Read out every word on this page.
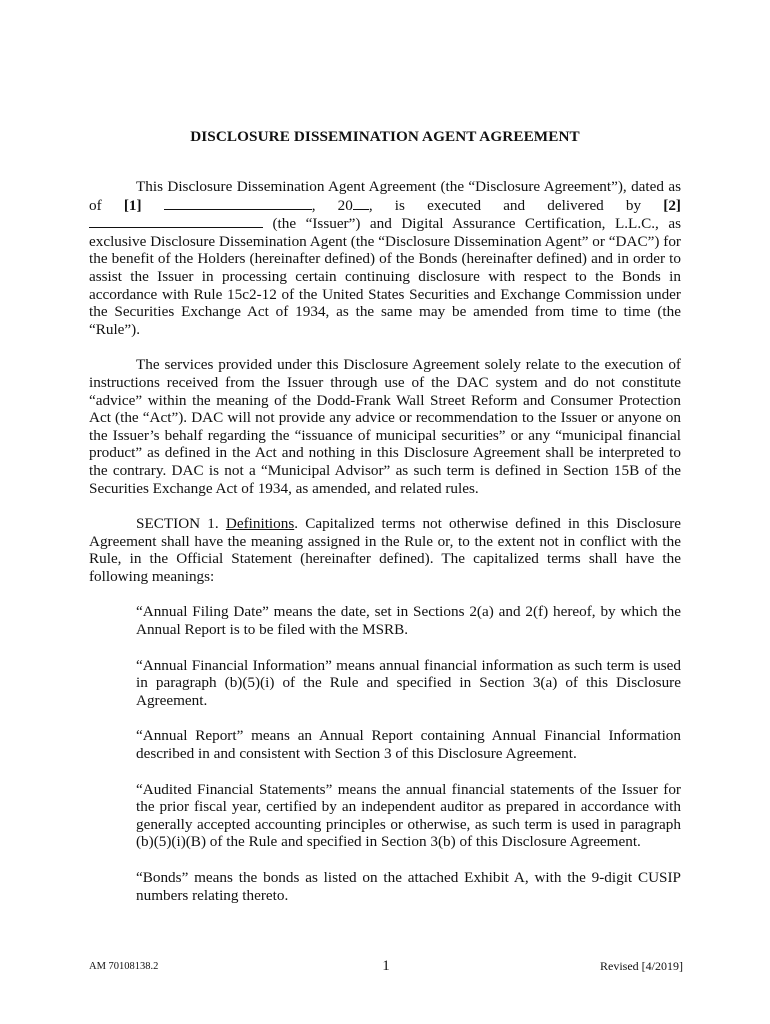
DISCLOSURE DISSEMINATION AGENT AGREEMENT

This Disclosure Dissemination Agent Agreement (the “Disclosure Agreement”), dated as of [1]	, 20 , is executed and delivered by [2]  (the “Issuer”) and Digital Assurance Certification, L.L.C., as exclusive Disclosure Dissemination Agent (the “Disclosure Dissemination Agent” or “DAC”) for the benefit of the Holders (hereinafter defined) of the Bonds (hereinafter defined) and in order to assist the Issuer in processing certain continuing disclosure with respect to the Bonds in accordance with Rule 15c2-12 of the United States Securities and Exchange Commission under the Securities Exchange Act of 1934, as the same may be amended from time to time (the “Rule”).

The services provided under this Disclosure Agreement solely relate to the execution of instructions received from the Issuer through use of the DAC system and do not constitute “advice” within the meaning of the Dodd-Frank Wall Street Reform and Consumer Protection Act (the “Act”). DAC will not provide any advice or recommendation to the Issuer or anyone on the Issuer’s behalf regarding the “issuance of municipal securities” or any “municipal financial product” as defined in the Act and nothing in this Disclosure Agreement shall be interpreted to the contrary. DAC is not a “Municipal Advisor” as such term is defined in Section 15B of the Securities Exchange Act of 1934, as amended, and related rules.

SECTION 1. Definitions. Capitalized terms not otherwise defined in this Disclosure Agreement shall have the meaning assigned in the Rule or, to the extent not in conflict with the Rule, in the Official Statement (hereinafter defined). The capitalized terms shall have the following meanings:

“Annual Filing Date” means the date, set in Sections 2(a) and 2(f) hereof, by which the Annual Report is to be filed with the MSRB.

“Annual Financial Information” means annual financial information as such term is used in paragraph (b)(5)(i) of the Rule and specified in Section 3(a) of this Disclosure Agreement.

“Annual Report” means an Annual Report containing Annual Financial Information described in and consistent with Section 3 of this Disclosure Agreement.

“Audited Financial Statements” means the annual financial statements of the Issuer for the prior fiscal year, certified by an independent auditor as prepared in accordance with generally accepted accounting principles or otherwise, as such term is used in paragraph (b)(5)(i)(B) of the Rule and specified in Section 3(b) of this Disclosure Agreement.

“Bonds” means the bonds as listed on the attached Exhibit A, with the 9-digit CUSIP numbers relating thereto.

AM 70108138.2	1	Revised [4/2019]
